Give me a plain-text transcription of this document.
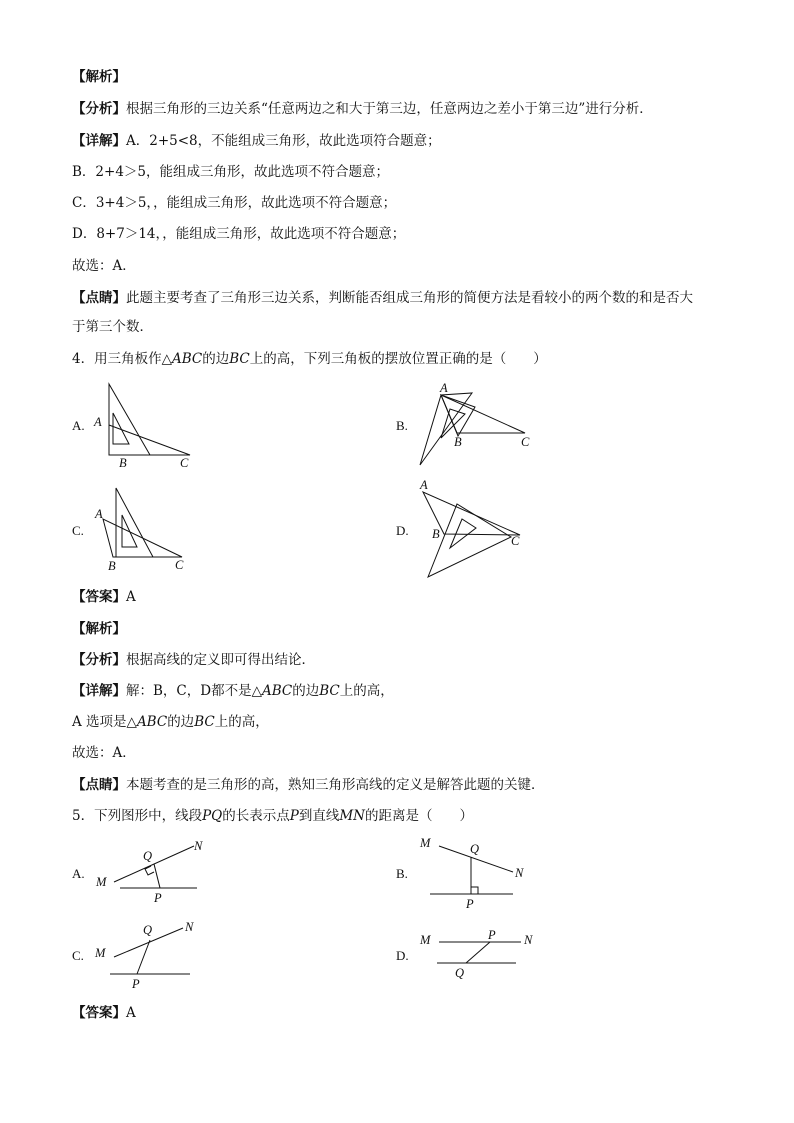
【解析】
【分析】根据三角形的三边关系“任意两边之和大于第三边，任意两边之差小于第三边”进行分析．
【详解】A．2+5<8，不能组成三角形，故此选项符合题意；
B．2+4＞5，能组成三角形，故此选项不符合题意；
C．3+4＞5，，能组成三角形，故此选项不符合题意；
D．8+7＞14，，能组成三角形，故此选项不符合题意；
故选：A．
【点睛】此题主要考查了三角形三边关系，判断能否组成三角形的简便方法是看较小的两个数的和是否大
于第三个数．
4．用三角板作△ABC的边BC上的高，下列三角板的摆放位置正确的是（　　）
A.	B.
C.	D.
A
B	C
A
B	C
A
B	C
A
B	C
【答案】A
【解析】
【分析】根据高线的定义即可得出结论．
【详解】解：B，C，D都不是△ABC的边BC上的高，
A 选项是△ABC的边BC上的高，
故选：A．
【点睛】本题考查的是三角形的高，熟知三角形高线的定义是解答此题的关键．
5．下列图形中，线段PQ的长表示点P到直线MN的距离是（　　）
A.	B.
C.	D.
M
N
Q
P
M
N
Q
P
M
N
Q
P
M	N
P
Q
【答案】A
